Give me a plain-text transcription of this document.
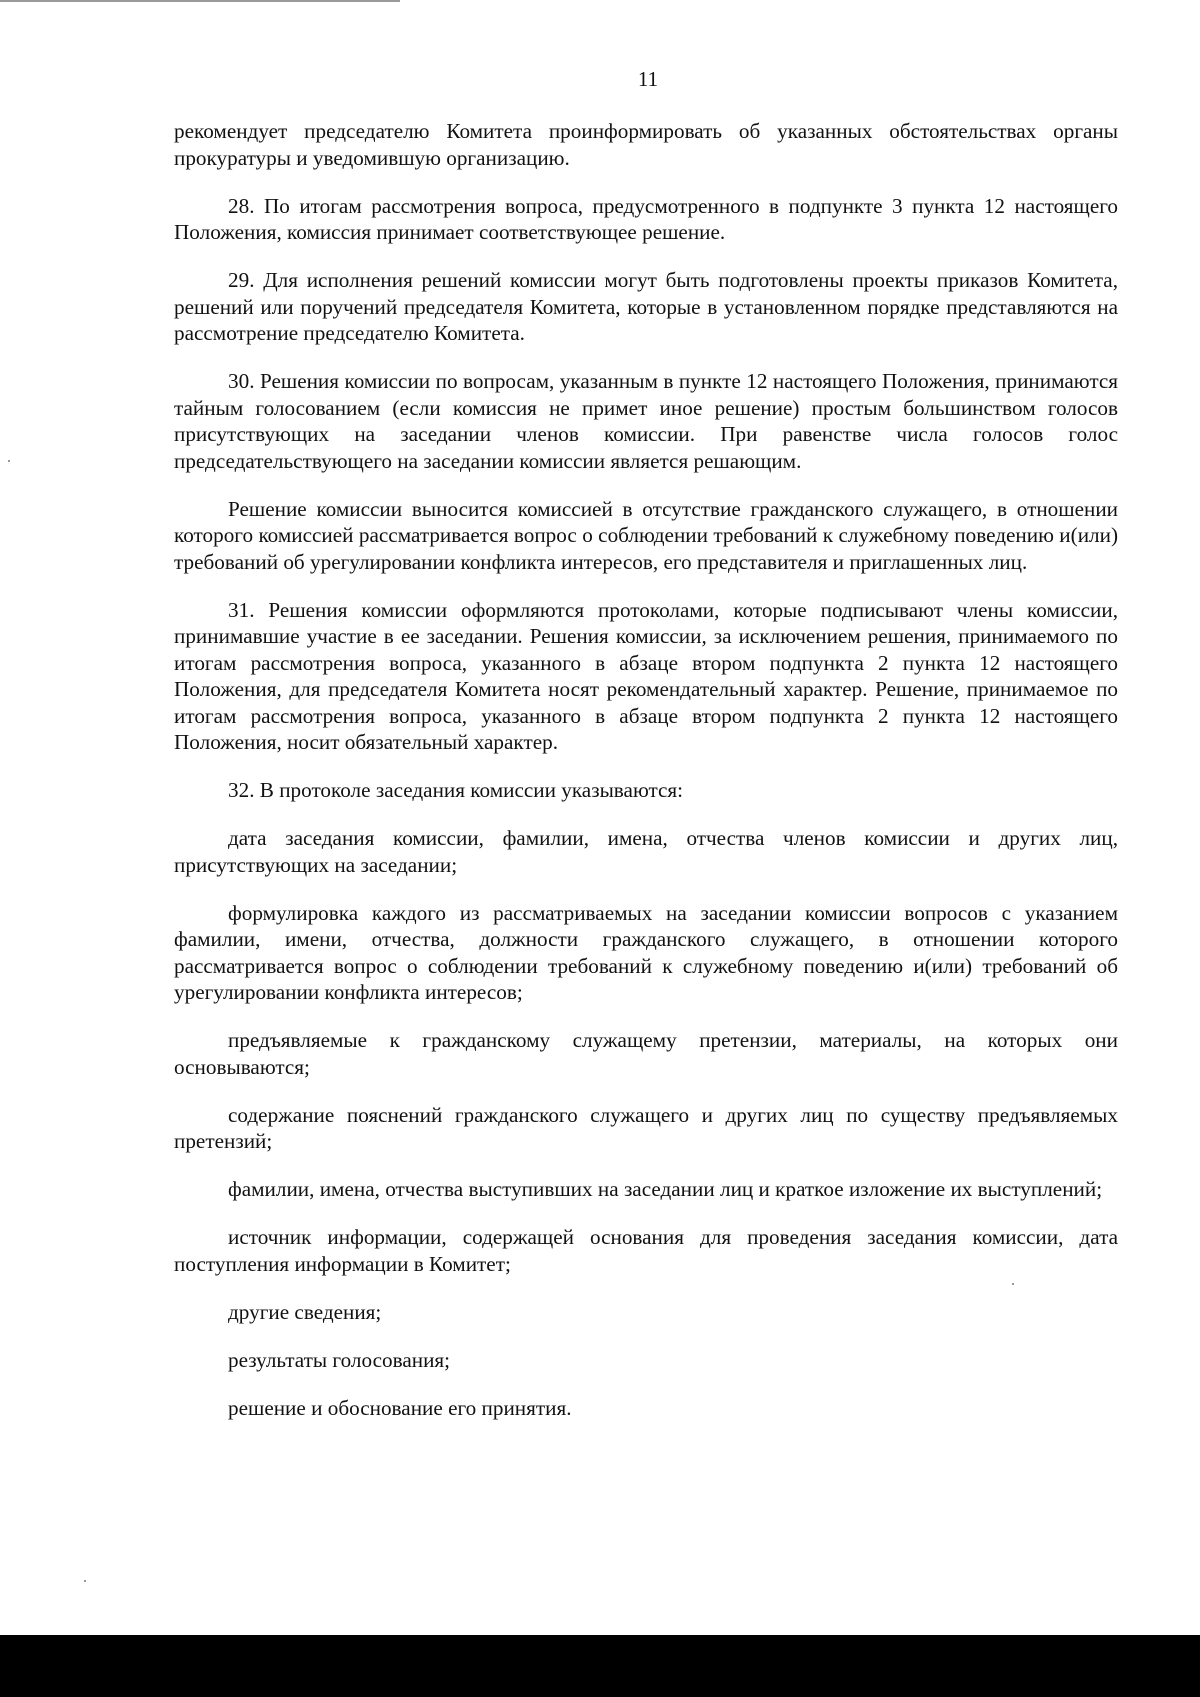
11

рекомендует председателю Комитета проинформировать об указанных обстоятельствах органы прокуратуры и уведомившую организацию.

28. По итогам рассмотрения вопроса, предусмотренного в подпункте 3 пункта 12 настоящего Положения, комиссия принимает соответствующее решение.

29. Для исполнения решений комиссии могут быть подготовлены проекты приказов Комитета, решений или поручений председателя Комитета, которые в установленном порядке представляются на рассмотрение председателю Комитета.

30. Решения комиссии по вопросам, указанным в пункте 12 настоящего Положения, принимаются тайным голосованием (если комиссия не примет иное решение) простым большинством голосов присутствующих на заседании членов комиссии. При равенстве числа голосов голос председательствующего на заседании комиссии является решающим.

Решение комиссии выносится комиссией в отсутствие гражданского служащего, в отношении которого комиссией рассматривается вопрос о соблюдении требований к служебному поведению и(или) требований об урегулировании конфликта интересов, его представителя и приглашенных лиц.

31. Решения комиссии оформляются протоколами, которые подписывают члены комиссии, принимавшие участие в ее заседании. Решения комиссии, за исключением решения, принимаемого по итогам рассмотрения вопроса, указанного в абзаце втором подпункта 2 пункта 12 настоящего Положения, для председателя Комитета носят рекомендательный характер. Решение, принимаемое по итогам рассмотрения вопроса, указанного в абзаце втором подпункта 2 пункта 12 настоящего Положения, носит обязательный характер.

32. В протоколе заседания комиссии указываются:

дата заседания комиссии, фамилии, имена, отчества членов комиссии и других лиц, присутствующих на заседании;

формулировка каждого из рассматриваемых на заседании комиссии вопросов с указанием фамилии, имени, отчества, должности гражданского служащего, в отношении которого рассматривается вопрос о соблюдении требований к служебному поведению и(или) требований об урегулировании конфликта интересов;

предъявляемые к гражданскому служащему претензии, материалы, на которых они основываются;

содержание пояснений гражданского служащего и других лиц по существу предъявляемых претензий;

фамилии, имена, отчества выступивших на заседании лиц и краткое изложение их выступлений;

источник информации, содержащей основания для проведения заседания комиссии, дата поступления информации в Комитет;

другие сведения;

результаты голосования;

решение и обоснование его принятия.
